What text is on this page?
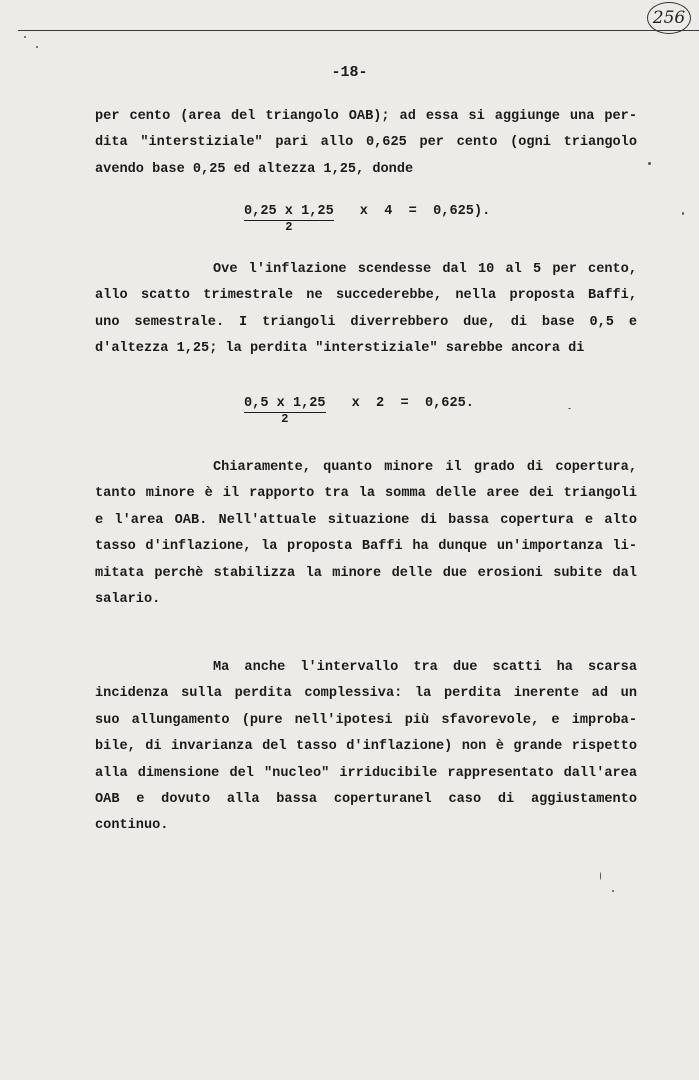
256
-18-
per cento (area del triangolo OAB); ad essa si aggiunge una per-
dita "interstiziale" pari allo 0,625 per cento (ogni triangolo
avendo base 0,25 ed altezza 1,25, donde
$\frac{0,25 x 1,25}{2}$ x  4  =  0,625).
Ove l'inflazione scendesse dal 10 al 5 per cento,
allo scatto trimestrale ne succederebbe, nella proposta Baffi,
uno semestrale. I triangoli diverrebbero due, di base 0,5 e
d'altezza 1,25; la perdita "interstiziale" sarebbe ancora di
$\frac{0,5 x 1,25}{2}$ x  2  =  0,625.
Chiaramente, quanto minore il grado di copertura,
tanto minore è il rapporto tra la somma delle aree dei triangoli
e l'area OAB. Nell'attuale situazione di bassa copertura e alto
tasso d'inflazione, la proposta Baffi ha dunque un'importanza li-
mitata perchè stabilizza la minore delle due erosioni subite dal
salario.
Ma anche l'intervallo tra due scatti ha scarsa
incidenza sulla perdita complessiva: la perdita inerente ad un
suo allungamento (pure nell'ipotesi più sfavorevole, e improba-
bile, di invarianza del tasso d'inflazione) non è grande rispetto
alla dimensione del "nucleo" irriducibile rappresentato dall'area
OAB e dovuto alla bassa coperturanel caso di aggiustamento
continuo.
